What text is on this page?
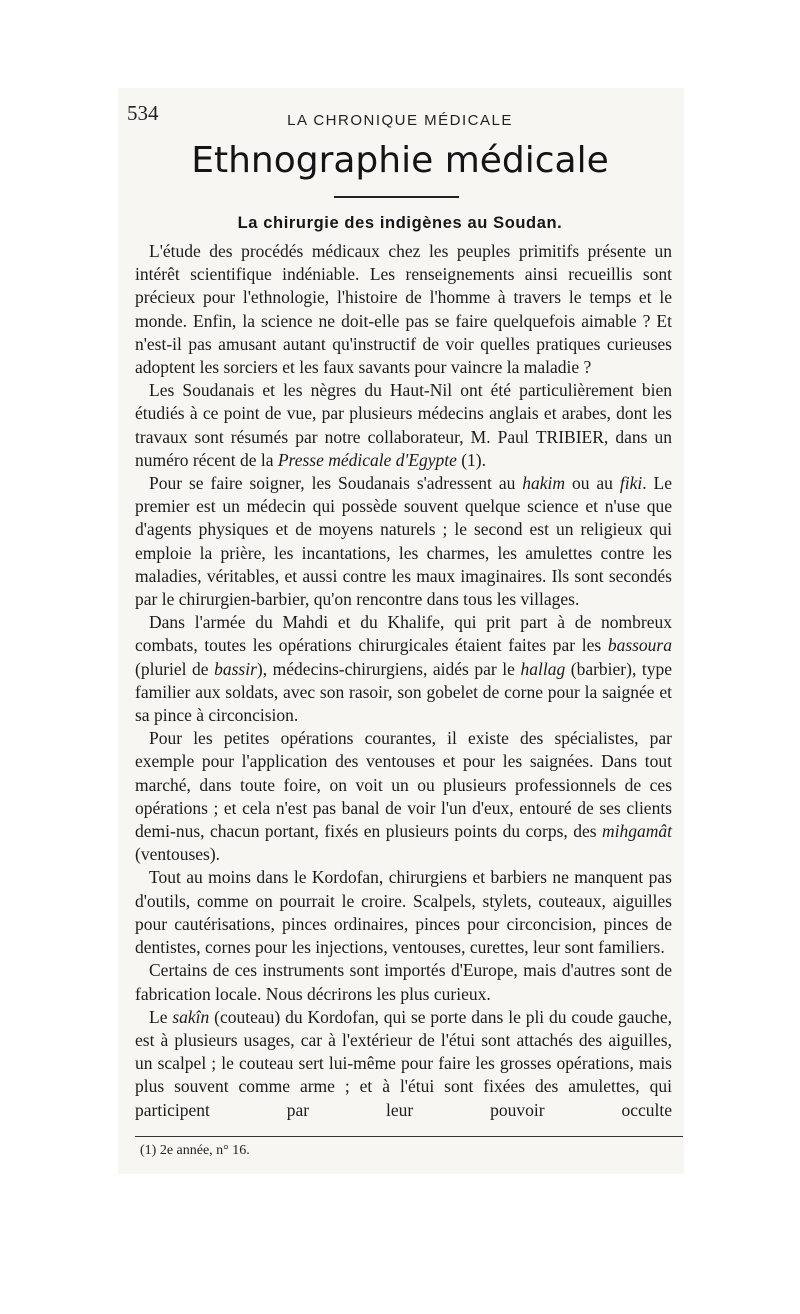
534	LA CHRONIQUE MÉDICALE
Ethnographie médicale
La chirurgie des indigènes au Soudan.

L'étude des procédés médicaux chez les peuples primitifs présente un intérêt scientifique indéniable. Les renseignements ainsi recueillis sont précieux pour l'ethnologie, l'histoire de l'homme à travers le temps et le monde. Enfin, la science ne doit-elle pas se faire quelquefois aimable ? Et n'est-il pas amusant autant qu'instructif de voir quelles pratiques curieuses adoptent les sorciers et les faux savants pour vaincre la maladie ?

Les Soudanais et les nègres du Haut-Nil ont été particulièrement bien étudiés à ce point de vue, par plusieurs médecins anglais et arabes, dont les travaux sont résumés par notre collaborateur, M. Paul TRIBIER, dans un numéro récent de la Presse médicale d'Egypte (1).

Pour se faire soigner, les Soudanais s'adressent au hakim ou au fiki. Le premier est un médecin qui possède souvent quelque science et n'use que d'agents physiques et de moyens naturels ; le second est un religieux qui emploie la prière, les incantations, les charmes, les amulettes contre les maladies, véritables, et aussi contre les maux imaginaires. Ils sont secondés par le chirurgien-barbier, qu'on rencontre dans tous les villages.

Dans l'armée du Mahdi et du Khalife, qui prit part à de nombreux combats, toutes les opérations chirurgicales étaient faites par les bassoura (pluriel de bassir), médecins-chirurgiens, aidés par le hallag (barbier), type familier aux soldats, avec son rasoir, son gobelet de corne pour la saignée et sa pince à circoncision.

Pour les petites opérations courantes, il existe des spécialistes, par exemple pour l'application des ventouses et pour les saignées. Dans tout marché, dans toute foire, on voit un ou plusieurs professionnels de ces opérations ; et cela n'est pas banal de voir l'un d'eux, entouré de ses clients demi-nus, chacun portant, fixés en plusieurs points du corps, des mihgamât (ventouses).

Tout au moins dans le Kordofan, chirurgiens et barbiers ne manquent pas d'outils, comme on pourrait le croire. Scalpels, stylets, couteaux, aiguilles pour cautérisations, pinces ordinaires, pinces pour circoncision, pinces de dentistes, cornes pour les injections, ventouses, curettes, leur sont familiers.

Certains de ces instruments sont importés d'Europe, mais d'autres sont de fabrication locale. Nous décrirons les plus curieux.

Le sakîn (couteau) du Kordofan, qui se porte dans le pli du coude gauche, est à plusieurs usages, car à l'extérieur de l'étui sont attachés des aiguilles, un scalpel ; le couteau sert lui-même pour faire les grosses opérations, mais plus souvent comme arme ; et à l'étui sont fixées des amulettes, qui participent par leur pouvoir occulte

(1) 2e année, n° 16.
